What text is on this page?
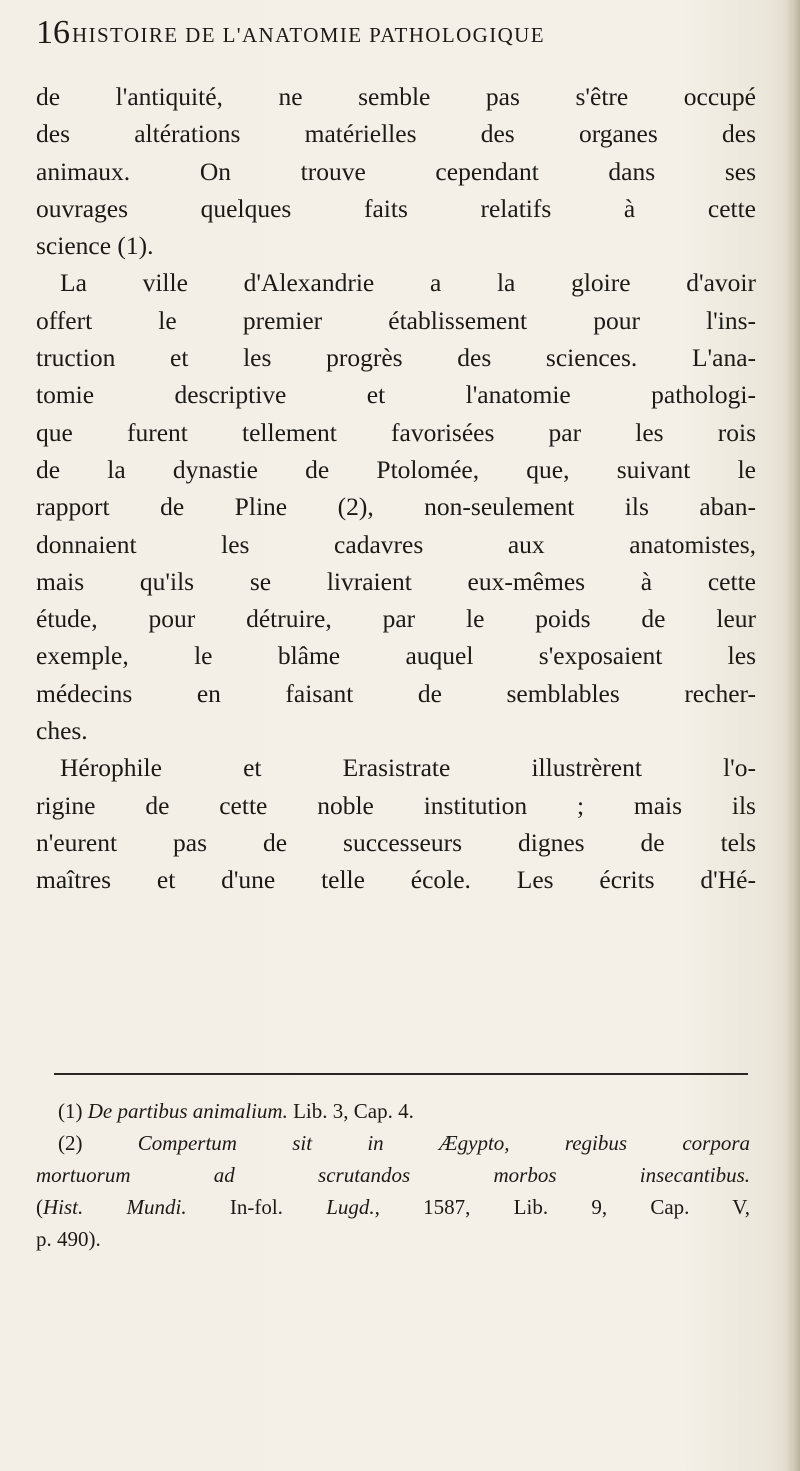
16 HISTOIRE DE L'ANATOMIE PATHOLOGIQUE
de l'antiquité, ne semble pas s'être occupé
des altérations matérielles des organes des
animaux. On trouve cependant dans ses
ouvrages quelques faits relatifs à cette
science (1).
La ville d'Alexandrie a la gloire d'avoir
offert le premier établissement pour l'ins-
truction et les progrès des sciences. L'ana-
tomie descriptive et l'anatomie pathologi-
que furent tellement favorisées par les rois
de la dynastie de Ptolomée, que, suivant le
rapport de Pline (2), non-seulement ils aban-
donnaient les cadavres aux anatomistes,
mais qu'ils se livraient eux-mêmes à cette
étude, pour détruire, par le poids de leur
exemple, le blâme auquel s'exposaient les
médecins en faisant de semblables recher-
ches.
Hérophile et Erasistrate illustrèrent l'o-
rigine de cette noble institution ; mais ils
n'eurent pas de successeurs dignes de tels
maîtres et d'une telle école. Les écrits d'Hé-
(1) De partibus animalium. Lib. 3, Cap. 4.
(2)	Compertum sit in Ægypto, regibus corpora
mortuorum ad scrutandos morbos insecantibus.
(Hist. Mundi. In-fol. Lugd., 1587, Lib. 9, Cap. V,
p. 490).
